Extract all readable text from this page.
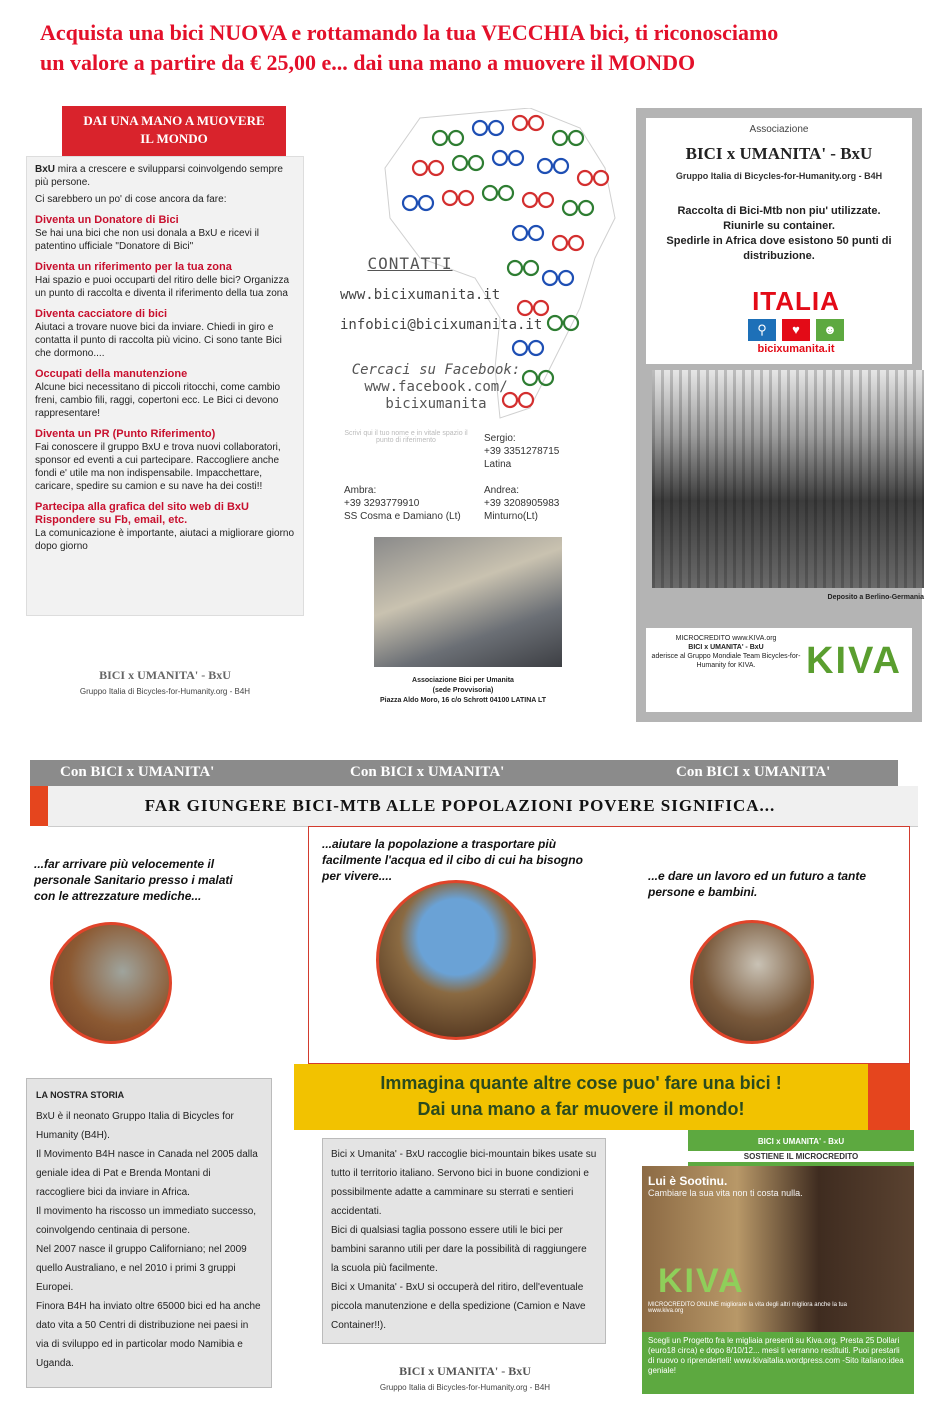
Acquista una bici NUOVA e rottamando la tua VECCHIA bici, ti riconosciamo
un valore a partire da € 25,00 e... dai una mano a muovere il MONDO
DAI UNA MANO A MUOVERE
IL MONDO

BxU mira a crescere e svilupparsi coinvolgendo sempre più persone.

Ci sarebbero un po' di cose ancora da fare:

Diventa un Donatore di Bici
Se hai una bici che non usi donala a BxU e ricevi il patentino ufficiale "Donatore di Bici"
Diventa un riferimento per la tua zona
Hai spazio e puoi occuparti del ritiro delle bici? Organizza un punto di raccolta e diventa il riferimento della tua zona
Diventa cacciatore di bici
Aiutaci a trovare nuove bici da inviare. Chiedi in giro e contatta il punto di raccolta più vicino. Ci sono tante Bici che dormono....
Occupati della manutenzione
Alcune bici necessitano di piccoli ritocchi, come cambio freni, cambio fili, raggi, copertoni ecc. Le Bici ci devono rappresentare!
Diventa un PR (Punto Riferimento)
Fai conoscere il gruppo BxU e trova nuovi collaboratori, sponsor ed eventi a cui partecipare. Raccogliere anche fondi e' utile ma non indispensabile. Impacchettare, caricare, spedire su camion e su nave ha dei costi!!
Partecipa alla grafica del sito web di BxU Rispondere su Fb, email, etc.
La comunicazione è importante, aiutaci a migliorare giorno dopo giorno
BICI x UMANITA' - BxU
Gruppo Italia di Bicycles-for-Humanity.org - B4H
CONTATTI
www.bicixumanita.it
infobici@bicixumanita.it
Cercaci su Facebook:
www.facebook.com/
bicixumanita
Scrivi qui il tuo nome e in vitale spazio il punto di riferimento	Sergio:
+39 3351278715
Latina
Ambra:
+39 3293779910
SS Cosma e Damiano (Lt)
Andrea:
+39 3208905983
Minturno(Lt)
Associazione Bici per Umanita
(sede Provvisoria)
Piazza Aldo Moro, 16 c/o Schrott 04100 LATINA LT
Associazione
BICI x UMANITA' - BxU
Gruppo Italia di Bicycles-for-Humanity.org - B4H
Raccolta di Bici-Mtb non piu' utilizzate. Riunirle su container.
Spedirle in Africa dove esistono 50 punti di distribuzione.
ITALIA
⚲	♥	☻
bicixumanita.it
Deposito a Berlino-Germania
MICROCREDITO www.KIVA.org
BICI x UMANITA' - BxU
aderisce al Gruppo Mondiale Team Bicycles-for-Humanity for KIVA.	KIVA
Con BICI x UMANITA'	Con BICI x UMANITA'	Con BICI x UMANITA'
FAR GIUNGERE BICI-MTB ALLE POPOLAZIONI POVERE SIGNIFICA...
...far arrivare più velocemente il personale Sanitario presso i malati con le attrezzature mediche...
...aiutare la popolazione a trasportare più facilmente l'acqua ed il cibo di cui ha bisogno per vivere....	...e dare un lavoro ed un futuro a tante persone e bambini.
Immagina quante altre cose puo' fare una bici !
Dai una mano a far muovere il mondo!
LA NOSTRA STORIA

BxU è il neonato Gruppo Italia di Bicycles for Humanity (B4H).

Il Movimento B4H nasce in Canada nel 2005 dalla geniale idea di Pat e Brenda Montani di raccogliere bici da inviare in Africa.

Il movimento ha riscosso un immediato successo, coinvolgendo centinaia di persone.

Nel 2007 nasce il gruppo Californiano; nel 2009 quello Australiano, e nel 2010 i primi 3 gruppi Europei.

Finora B4H ha inviato oltre 65000 bici ed ha anche dato vita a 50 Centri di distribuzione nei paesi in via di sviluppo ed in particolar modo Namibia e Uganda.

Bici x Umanita' - BxU raccoglie bici-mountain bikes usate su tutto il territorio italiano. Servono bici in buone condizioni e possibilmente adatte a camminare su sterrati e sentieri accidentati.

Bici di qualsiasi taglia possono essere utili le bici per bambini saranno utili per dare la possibilità di raggiungere la scuola più facilmente.

Bici x Umanita' - BxU si occuperà del ritiro, dell'eventuale piccola manutenzione e della spedizione (Camion e Nave Container!!).

BICI x UMANITA' - BxU
Gruppo Italia di Bicycles-for-Humanity.org - B4H
BICI x UMANITA' - BxU
SOSTIENE IL MICROCREDITO
Lui è Sootinu.
Cambiare la sua vita non ti costa nulla.
KIVA
MICROCREDITO ONLINE migliorare la vita degli altri migliora anche la tua www.kiva.org
Scegli un Progetto fra le migliaia presenti su Kiva.org. Presta 25 Dollari (euro18 circa) e dopo 8/10/12... mesi ti verranno restituiti. Puoi prestarli di nuovo o riprenderteli! www.kivaitalia.wordpress.com -Sito italiano:idea geniale!
